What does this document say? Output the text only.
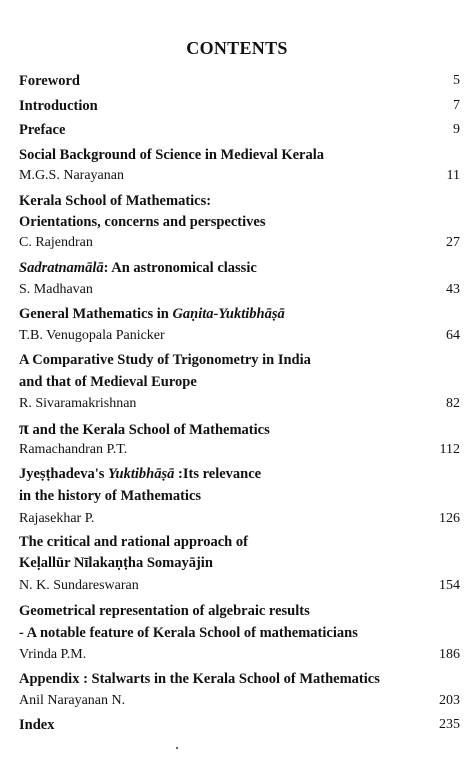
CONTENTS
Foreword	5
Introduction	7
Preface	9
Social Background of Science in Medieval Kerala
M.G.S. Narayanan	11
Kerala School of Mathematics:
Orientations, concerns and perspectives
C. Rajendran	27
Sadratnamālā: An astronomical classic
S. Madhavan	43
General Mathematics in Gaṇita-Yuktibhāṣā
T.B. Venugopala Panicker	64
A Comparative Study of Trigonometry in India
and that of Medieval Europe
R. Sivaramakrishnan	82
π and the Kerala School of Mathematics
Ramachandran P.T.	112
Jyeṣṭhadeva's Yuktibhāṣā :Its relevance
in the history of Mathematics
Rajasekhar P.	126
The critical and rational approach of
Keḷallūr Nīlakaṇṭha Somayājin
N. K. Sundareswaran	154
Geometrical representation of algebraic results
- A notable feature of Kerala School of mathematicians
Vrinda P.M.	186
Appendix : Stalwarts in the Kerala School of Mathematics
Anil Narayanan N.	203
Index	235
